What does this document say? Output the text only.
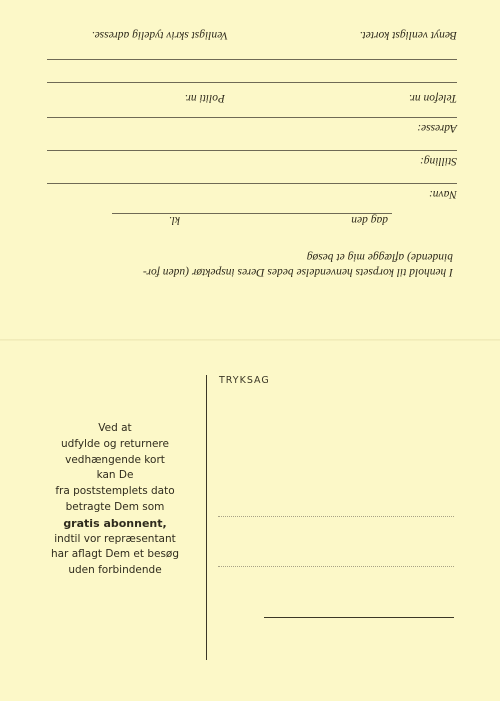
I henhold til korpsets henvendelse bedes Deres inspektør (uden for-
bindende) aflægge mig et besøg
dag den
kl.
Navn:
Stilling:
Adresse:
Telefon nr.
Politi nr.
Benyt venligst kortet.
Venligst skriv tydelig adresse.
TRYKSAG
Ved at
udfylde og returnere
vedhængende kort
kan De
fra poststemplets dato
betragte Dem som
gratis abonnent,
indtil vor repræsentant
har aflagt Dem et besøg
uden forbindende
